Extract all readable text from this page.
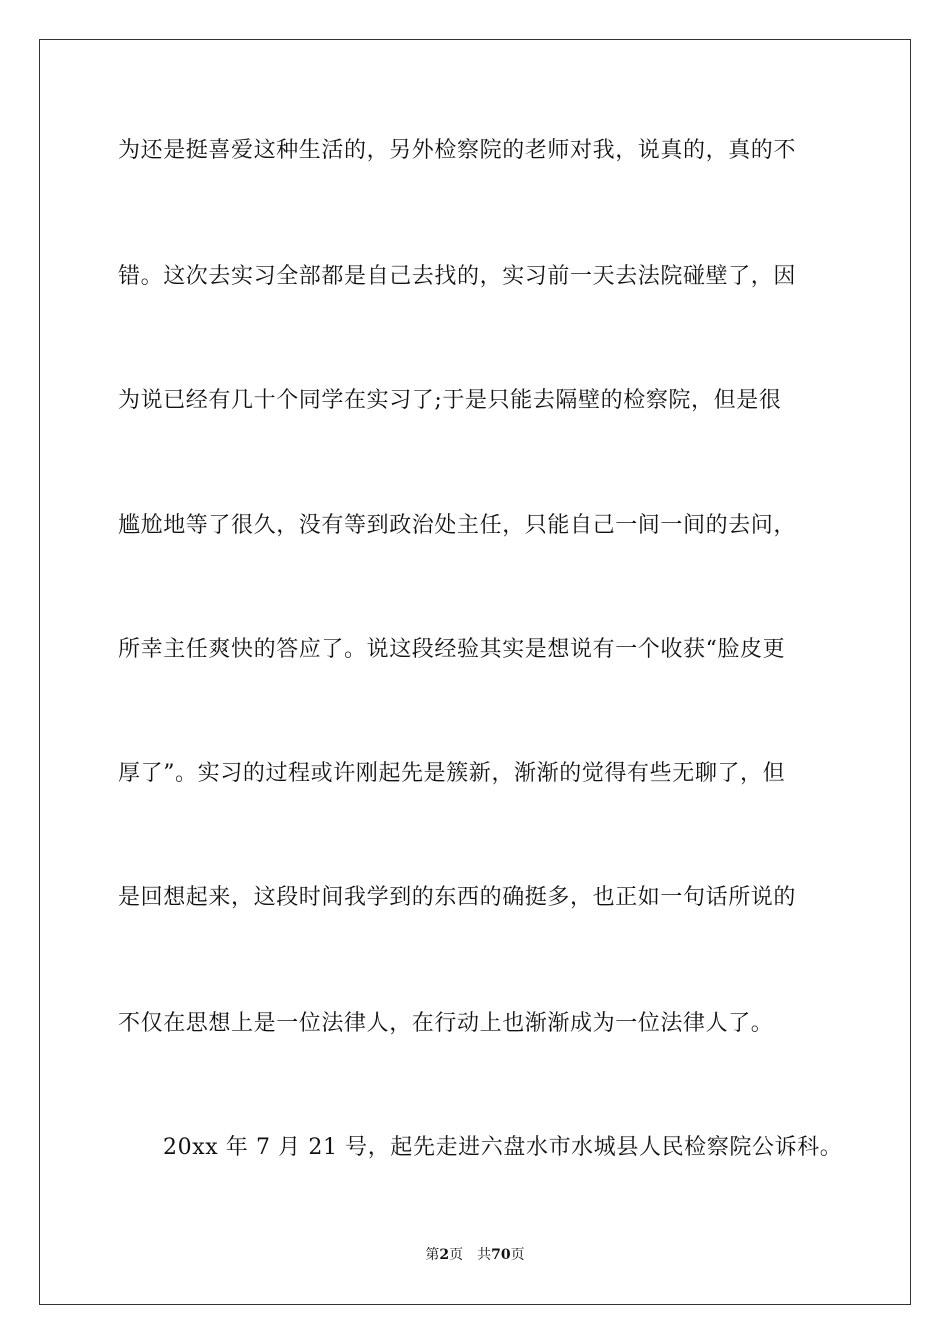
为还是挺喜爱这种生活的，另外检察院的老师对我，说真的，真的不
错。这次去实习全部都是自己去找的，实习前一天去法院碰壁了，因
为说已经有几十个同学在实习了;于是只能去隔壁的检察院，但是很
尴尬地等了很久，没有等到政治处主任，只能自己一间一间的去问，
所幸主任爽快的答应了。说这段经验其实是想说有一个收获“脸皮更
厚了”。实习的过程或许刚起先是簇新，渐渐的觉得有些无聊了，但
是回想起来，这段时间我学到的东西的确挺多，也正如一句话所说的
不仅在思想上是一位法律人，在行动上也渐渐成为一位法律人了。
20xx 年 7 月 21 号，起先走进六盘水市水城县人民检察院公诉科。
第2页 共70页
